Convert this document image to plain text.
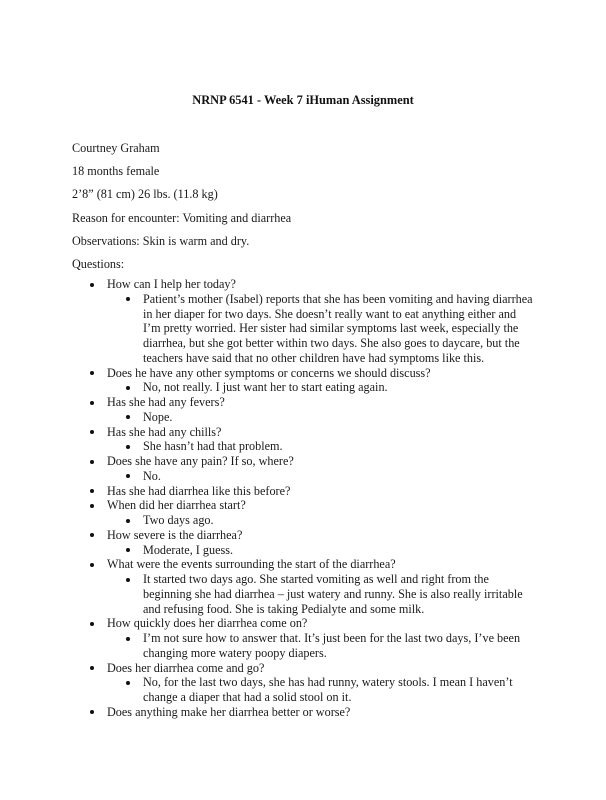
NRNP 6541 - Week 7 iHuman Assignment

Courtney Graham

18 months female

2’8” (81 cm) 26 lbs. (11.8 kg)

Reason for encounter: Vomiting and diarrhea

Observations: Skin is warm and dry.

Questions:

How can I help her today?
Patient’s mother (Isabel) reports that she has been vomiting and having diarrhea in her diaper for two days. She doesn’t really want to eat anything either and I’m pretty worried. Her sister had similar symptoms last week, especially the diarrhea, but she got better within two days. She also goes to daycare, but the teachers have said that no other children have had symptoms like this.
Does he have any other symptoms or concerns we should discuss?
No, not really. I just want her to start eating again.
Has she had any fevers?
Nope.
Has she had any chills?
She hasn’t had that problem.
Does she have any pain? If so, where?
No.
Has she had diarrhea like this before?
When did her diarrhea start?
Two days ago.
How severe is the diarrhea?
Moderate, I guess.
What were the events surrounding the start of the diarrhea?
It started two days ago. She started vomiting as well and right from the beginning she had diarrhea – just watery and runny. She is also really irritable and refusing food. She is taking Pedialyte and some milk.
How quickly does her diarrhea come on?
I’m not sure how to answer that. It’s just been for the last two days, I’ve been changing more watery poopy diapers.
Does her diarrhea come and go?
No, for the last two days, she has had runny, watery stools. I mean I haven’t change a diaper that had a solid stool on it.
Does anything make her diarrhea better or worse?
